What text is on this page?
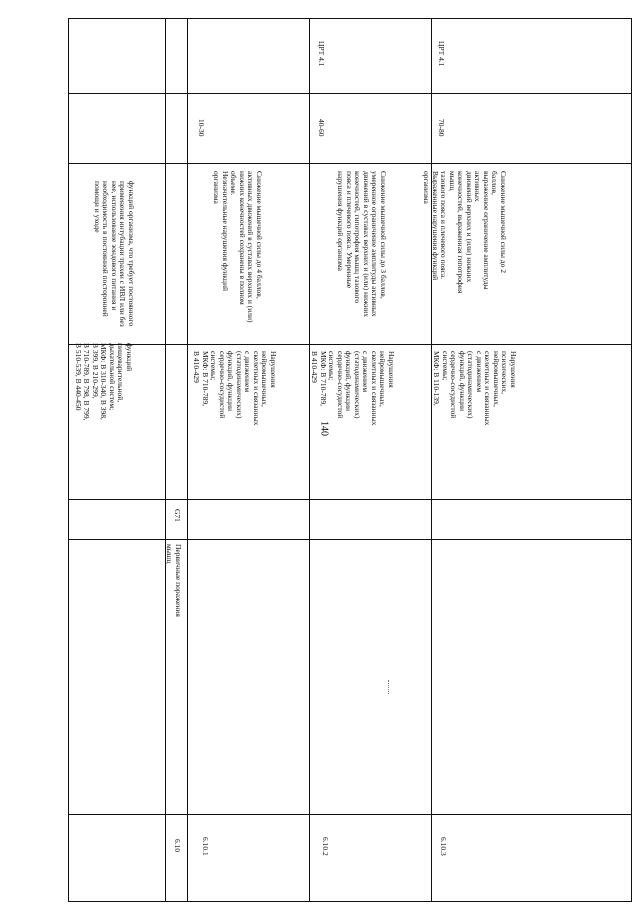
140
функций
пищеварительной,
дыхательной систем;
МКФ: В 310-340, В 398,
В 399, В 210-299,
В 710-789, В 798, В 799,
В 510-539, В 440-450
функций организма, что требует постоянного
применения интубации трахеи с ИВЛ или без
нее, использование зондового питания и
необходимость в постоянной посторонней
помощи и уходе
6.10
Первичные поражения
мышц
G71
6.10.1
Нарушения
нейромышечных,
скелетных и связанных
с движением
(статодинамических)
функций, функции
сердечно-сосудистой
системы;
МКФ: В 710-789,
В 410-429
Снижение мышечной силы до 4 баллов,
активных движений в суставах верхних и (или)
нижних конечностей сохранены в полном
объеме.
Незначительные нарушения функций
организма
10-30
6.10.2
Нарушения
нейромышечных,
скелетных и связанных
с движением
(статодинамических)
функций, функции
сердечно-сосудистой
системы;
МКФ: В 710-789,
В 410-429
Снижение мышечной силы до 3 баллов,
умеренное ограничение амплитуды активных
движений в суставах верхних и (или) нижних
конечностей, гипотрофия мышц тазового
пояса и плечевого пояса. Умеренные
нарушения функций организма
40-60
ЦРТ 4.1
6.10.3
Нарушения
психических,
нейромышечных,
скелетных и связанных
с движением
(статодинамических)
функций, функции
сердечно-сосудистой
системы;
МКФ: В 110-139,
Снижение мышечной силы до 2 баллов,
выраженное ограничение амплитуды активных
движений верхних и (или) нижних
конечностей, выраженная гипотрофия мышц
тазового пояса и плечевого пояса.
Выраженные нарушения функций организма
70-80
ЦРТ 4.1
